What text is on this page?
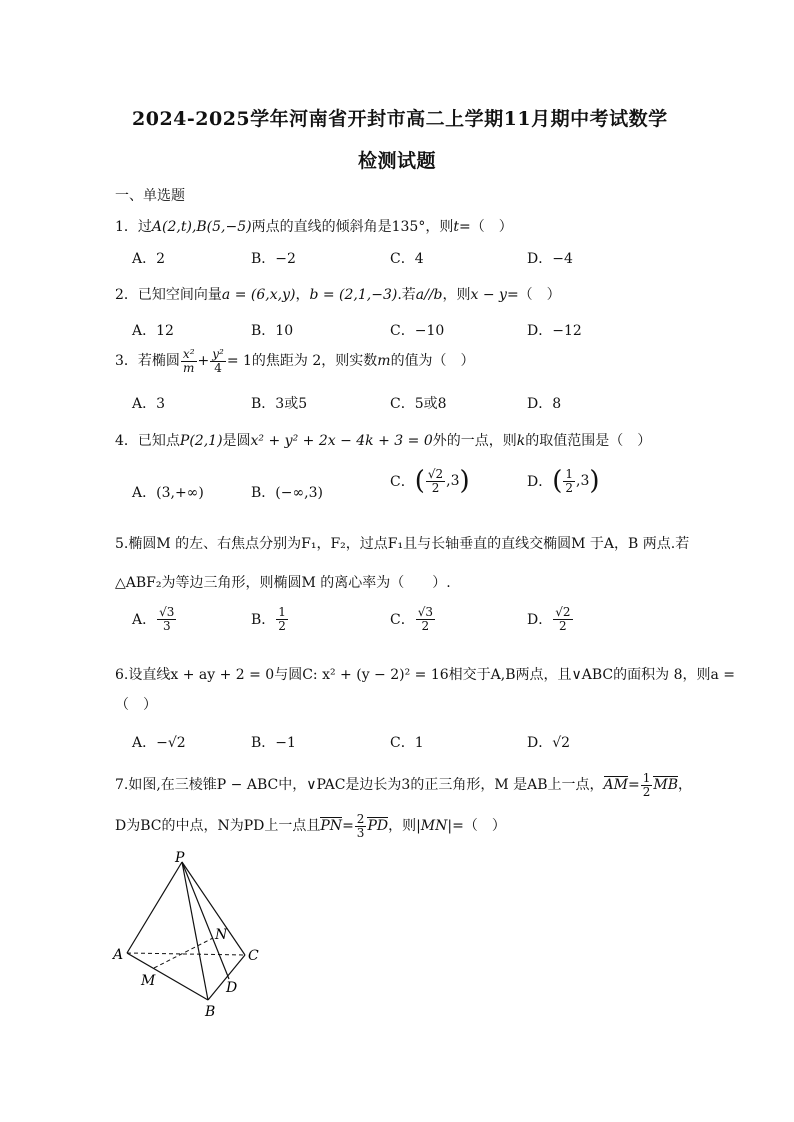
2024-2025学年河南省开封市高二上学期11月期中考试数学
检测试题
一、单选题
1．过A(2,t),B(5,−5)两点的直线的倾斜角是135°，则t=（　）
A．2	B．−2	C．4	D．−4
2．已知空间向量a = (6,x,y)，b = (2,1,−3).若a//b，则x − y=（　）
A．12	B．10	C．−10	D．−12
3．若椭圆 $\frac{\text{x²}}{m} + \frac{\text{y²}}{4} = 1$的焦距为 2，则实数m的值为（　）
A．3	B．3或5	C．5或8	D．8
4．已知点P(2,1)是圆x² + y² + 2x − 4k + 3 = 0外的一点，则k的取值范围是（　）
A．(3,+∞)	B．(−∞,3)
C．( $\frac{√2}{2} ,3$)	D．( $\frac{1}{2} ,3$)
5.椭圆M 的左、右焦点分别为F₁，F₂，过点F₁且与长轴垂直的直线交椭圆M 于A，B 两点.若
△ABF₂为等边三角形，则椭圆M 的离心率为（　　）.
A． $\frac{√3}{3}$	B． $\frac{1}{2}$	C． $\frac{√3}{2}$	D． $\frac{√2}{2}$
6.设直线x + ay + 2 = 0与圆C: x² + (y − 2)² = 16相交于A,B两点，且∨ABC的面积为 8，则a =
（　）
A．−√2	B．−1	C．1	D．√2
7.如图,在三棱锥P − ABC中，∨PAC是边长为3的正三角形，M 是AB上一点，$AM= \frac{1}{2}$ MB，
D为BC的中点，N为PD上一点且$PN= \frac{2}{3}$ PD，则|MN|=（　）
P
A	C
B
D
M
N
